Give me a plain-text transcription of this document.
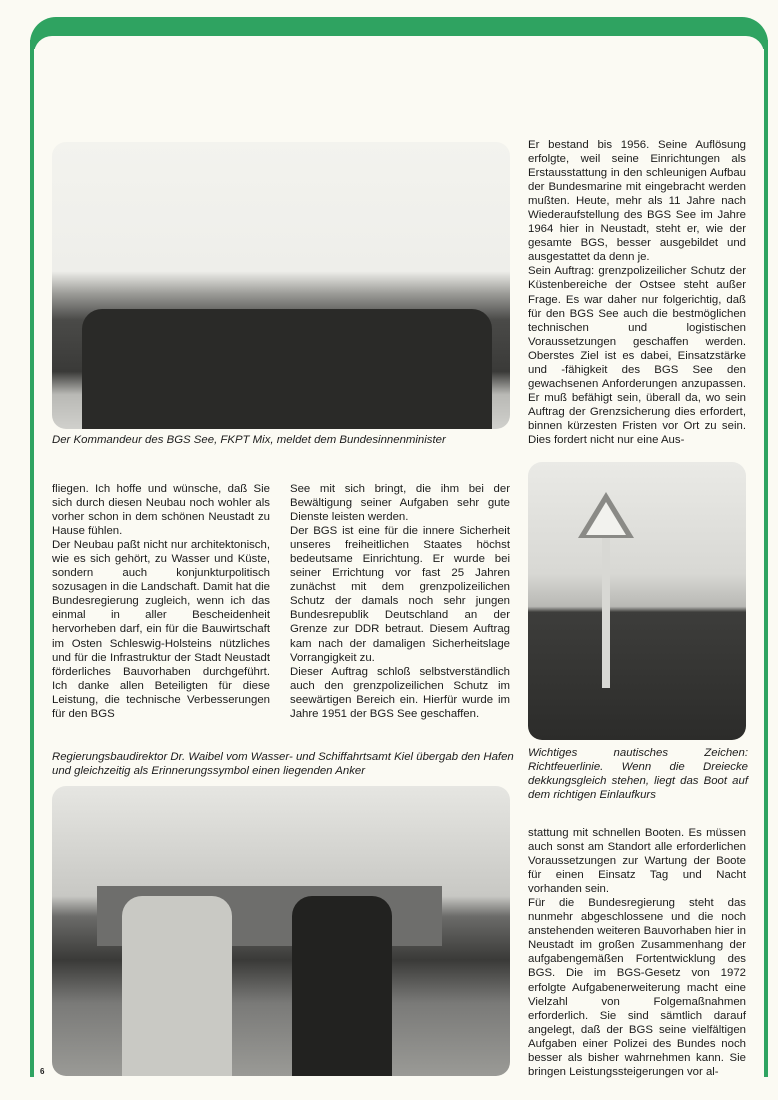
Der Kommandeur des BGS See, FKPT Mix, meldet dem Bundesinnenminister

Er bestand bis 1956. Seine Auflösung erfolgte, weil seine Einrichtungen als Erstausstattung in den schleunigen Aufbau der Bundesmarine mit eingebracht werden mußten. Heute, mehr als 11 Jahre nach Wiederaufstellung des BGS See im Jahre 1964 hier in Neustadt, steht er, wie der gesamte BGS, besser ausgebildet und ausgestattet da denn je.

Sein Auftrag: grenzpolizeilicher Schutz der Küstenbereiche der Ostsee steht außer Frage. Es war daher nur folgerichtig, daß für den BGS See auch die bestmöglichen technischen und logistischen Voraussetzungen geschaffen werden. Oberstes Ziel ist es dabei, Einsatzstärke und -fähigkeit des BGS See den gewachsenen Anforderungen anzupassen. Er muß befähigt sein, überall da, wo sein Auftrag der Grenzsicherung dies erfordert, binnen kürzesten Fristen vor Ort zu sein. Dies fordert nicht nur eine Aus-

fliegen. Ich hoffe und wünsche, daß Sie sich durch diesen Neubau noch wohler als vorher schon in dem schönen Neustadt zu Hause fühlen.

Der Neubau paßt nicht nur architektonisch, wie es sich gehört, zu Wasser und Küste, sondern auch konjunkturpolitisch sozusagen in die Landschaft. Damit hat die Bundesregierung zugleich, wenn ich das einmal in aller Bescheidenheit hervorheben darf, ein für die Bauwirtschaft im Osten Schleswig-Holsteins nützliches und für die Infrastruktur der Stadt Neustadt förderliches Bauvorhaben durchgeführt. Ich danke allen Beteiligten für diese Leistung, die technische Verbesserungen für den BGS

See mit sich bringt, die ihm bei der Bewältigung seiner Aufgaben sehr gute Dienste leisten werden.

Der BGS ist eine für die innere Sicherheit unseres freiheitlichen Staates höchst bedeutsame Einrichtung. Er wurde bei seiner Errichtung vor fast 25 Jahren zunächst mit dem grenzpolizeilichen Schutz der damals noch sehr jungen Bundesrepublik Deutschland an der Grenze zur DDR betraut. Diesem Auftrag kam nach der damaligen Sicherheitslage Vorrangigkeit zu.

Dieser Auftrag schloß selbstverständlich auch den grenzpolizeilichen Schutz im seewärtigen Bereich ein. Hierfür wurde im Jahre 1951 der BGS See geschaffen.

Wichtiges nautisches Zeichen: Richtfeuerlinie. Wenn die Dreiecke dekkungsgleich stehen, liegt das Boot auf dem richtigen Einlaufkurs
Regierungsbaudirektor Dr. Waibel vom Wasser- und Schiffahrtsamt Kiel übergab den Hafen und gleichzeitig als Erinnerungssymbol einen liegenden Anker

stattung mit schnellen Booten. Es müssen auch sonst am Standort alle erforderlichen Voraussetzungen zur Wartung der Boote für einen Einsatz Tag und Nacht vorhanden sein.

Für die Bundesregierung steht das nunmehr abgeschlossene und die noch anstehenden weiteren Bauvorhaben hier in Neustadt im großen Zusammenhang der aufgabengemäßen Fortentwicklung des BGS. Die im BGS-Gesetz von 1972 erfolgte Aufgabenerweiterung macht eine Vielzahl von Folgemaßnahmen erforderlich. Sie sind sämtlich darauf angelegt, daß der BGS seine vielfältigen Aufgaben einer Polizei des Bundes noch besser als bisher wahrnehmen kann. Sie bringen Leistungssteigerungen vor al-

6
